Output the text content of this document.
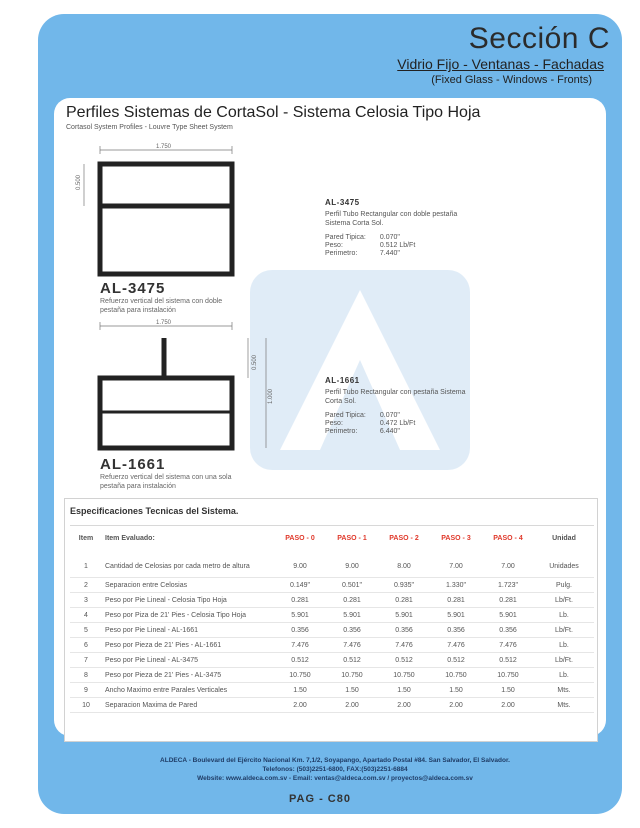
Sección C
Vidrio Fijo - Ventanas - Fachadas
(Fixed Glass - Windows - Fronts)
Perfiles Sistemas de CortaSol - Sistema Celosia Tipo Hoja
Cortasol System Profiles - Louvre Type Sheet System
1.750
0.500
AL-3475
Refuerzo vertical del sistema con doble pestaña para instalación
1.750
0.500
1.000
AL-1661
Refuerzo vertical del sistema con una sola pestaña para instalación
AL-3475
Perfil Tubo Rectangular con doble pestaña Sistema Corta Sol.
Pared Tipica:	0.070"
Peso:	0.512 Lb/Ft
Perimetro:	7.440"
AL-1661
Perfil Tubo Rectangular con pestaña Sistema Corta Sol.
Pared Tipica:	0.070"
Peso:	0.472 Lb/Ft
Perimetro:	6.440"
Especificaciones Tecnicas del Sistema.
Item	Item Evaluado:	PASO - 0	PASO - 1	PASO - 2	PASO - 3	PASO - 4	Unidad
1	Cantidad de Celosias por cada metro de altura	9.00	9.00	8.00	7.00	7.00	Unidades
2	Separacion entre Celosias	0.149"	0.501"	0.935"	1.330"	1.723"	Pulg.
3	Peso por Pie Lineal - Celosia Tipo Hoja	0.281	0.281	0.281	0.281	0.281	Lb/Ft.
4	Peso por Piza de 21' Pies - Celosia Tipo Hoja	5.901	5.901	5.901	5.901	5.901	Lb.
5	Peso por Pie Lineal - AL-1661	0.356	0.356	0.356	0.356	0.356	Lb/Ft.
6	Peso por Pieza de 21' Pies - AL-1661	7.476	7.476	7.476	7.476	7.476	Lb.
7	Peso por Pie Lineal - AL-3475	0.512	0.512	0.512	0.512	0.512	Lb/Ft.
8	Peso por Pieza de 21' Pies - AL-3475	10.750	10.750	10.750	10.750	10.750	Lb.
9	Ancho Maximo entre Parales Verticales	1.50	1.50	1.50	1.50	1.50	Mts.
10	Separacion Maxima de Pared	2.00	2.00	2.00	2.00	2.00	Mts.
ALDECA - Boulevard del Ejército Nacional Km. 7,1/2, Soyapango, Apartado Postal #84. San Salvador, El Salvador.
Telefonos: (503)2251-6800, FAX:(503)2251-6884
Website: www.aldeca.com.sv - Email: ventas@aldeca.com.sv / proyectos@aldeca.com.sv
PAG - C80
